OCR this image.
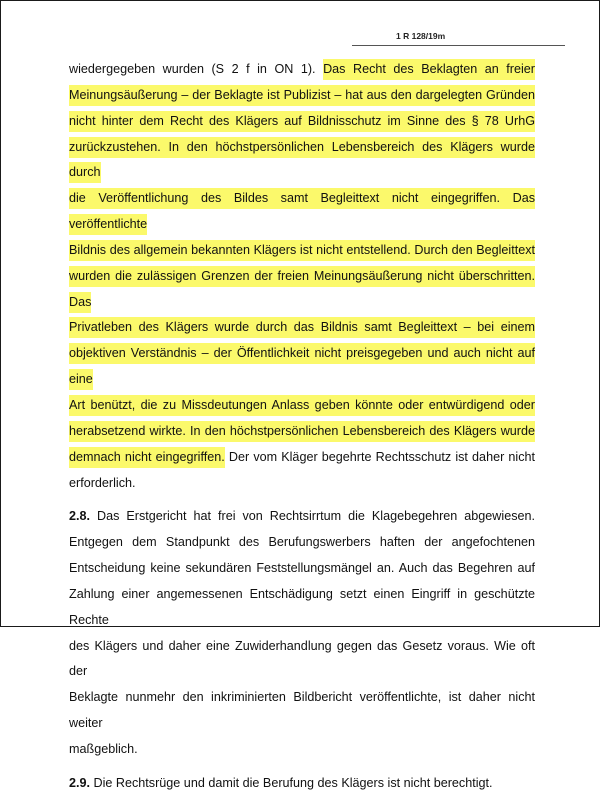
1 R 128/19m
wiedergegeben wurden (S 2 f in ON 1). Das Recht des Beklagten an freier
Meinungsäußerung – der Beklagte ist Publizist – hat aus den dargelegten Gründen
nicht hinter dem Recht des Klägers auf Bildnisschutz im Sinne des § 78 UrhG
zurückzustehen. In den höchstpersönlichen Lebensbereich des Klägers wurde durch
die Veröffentlichung des Bildes samt Begleittext nicht eingegriffen. Das veröffentlichte
Bildnis des allgemein bekannten Klägers ist nicht entstellend. Durch den Begleittext
wurden die zulässigen Grenzen der freien Meinungsäußerung nicht überschritten. Das
Privatleben des Klägers wurde durch das Bildnis samt Begleittext – bei einem
objektiven Verständnis – der Öffentlichkeit nicht preisgegeben und auch nicht auf eine
Art benützt, die zu Missdeutungen Anlass geben könnte oder entwürdigend oder
herabsetzend wirkte. In den höchstpersönlichen Lebensbereich des Klägers wurde
demnach nicht eingegriffen. Der vom Kläger begehrte Rechtsschutz ist daher nicht
erforderlich.
2.8. Das Erstgericht hat frei von Rechtsirrtum die Klagebegehren abgewiesen.
Entgegen dem Standpunkt des Berufungswerbers haften der angefochtenen
Entscheidung keine sekundären Feststellungsmängel an. Auch das Begehren auf
Zahlung einer angemessenen Entschädigung setzt einen Eingriff in geschützte Rechte
des Klägers und daher eine Zuwiderhandlung gegen das Gesetz voraus. Wie oft der
Beklagte nunmehr den inkriminierten Bildbericht veröffentlichte, ist daher nicht weiter
maßgeblich.
2.9. Die Rechtsrüge und damit die Berufung des Klägers ist nicht berechtigt.
